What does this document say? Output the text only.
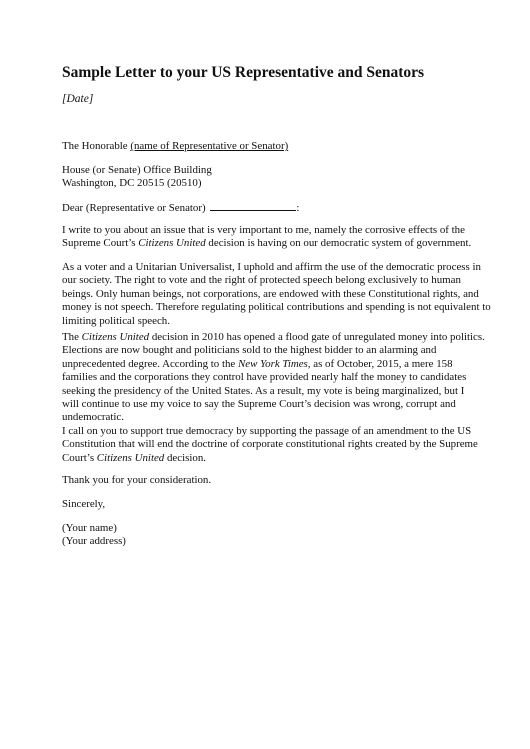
Sample Letter to your US Representative and Senators
[Date]
The Honorable (name of Representative or Senator)
House (or Senate) Office Building
Washington, DC 20515 (20510)
Dear (Representative or Senator)	:

I write to you about an issue that is very important to me, namely the corrosive effects of the Supreme Court’s Citizens United decision is having on our democratic system of government.

As a voter and a Unitarian Universalist, I uphold and affirm the use of the democratic process in
our society. The right to vote and the right of protected speech belong exclusively to human
beings. Only human beings, not corporations, are endowed with these Constitutional rights, and
money is not speech. Therefore regulating political contributions and spending is not equivalent to
limiting political speech.
The Citizens United decision in 2010 has opened a flood gate of unregulated money into politics.
Elections are now bought and politicians sold to the highest bidder to an alarming and
unprecedented degree. According to the New York Times, as of October, 2015, a mere 158
families and the corporations they control have provided nearly half the money to candidates
seeking the presidency of the United States. As a result, my vote is being marginalized, but I
will continue to use my voice to say the Supreme Court’s decision was wrong, corrupt and
undemocratic.
I call on you to support true democracy by supporting the passage of an amendment to the US
Constitution that will end the doctrine of corporate constitutional rights created by the Supreme
Court’s Citizens United decision.
Thank you for your consideration.
Sincerely,
(Your name)
(Your address)
